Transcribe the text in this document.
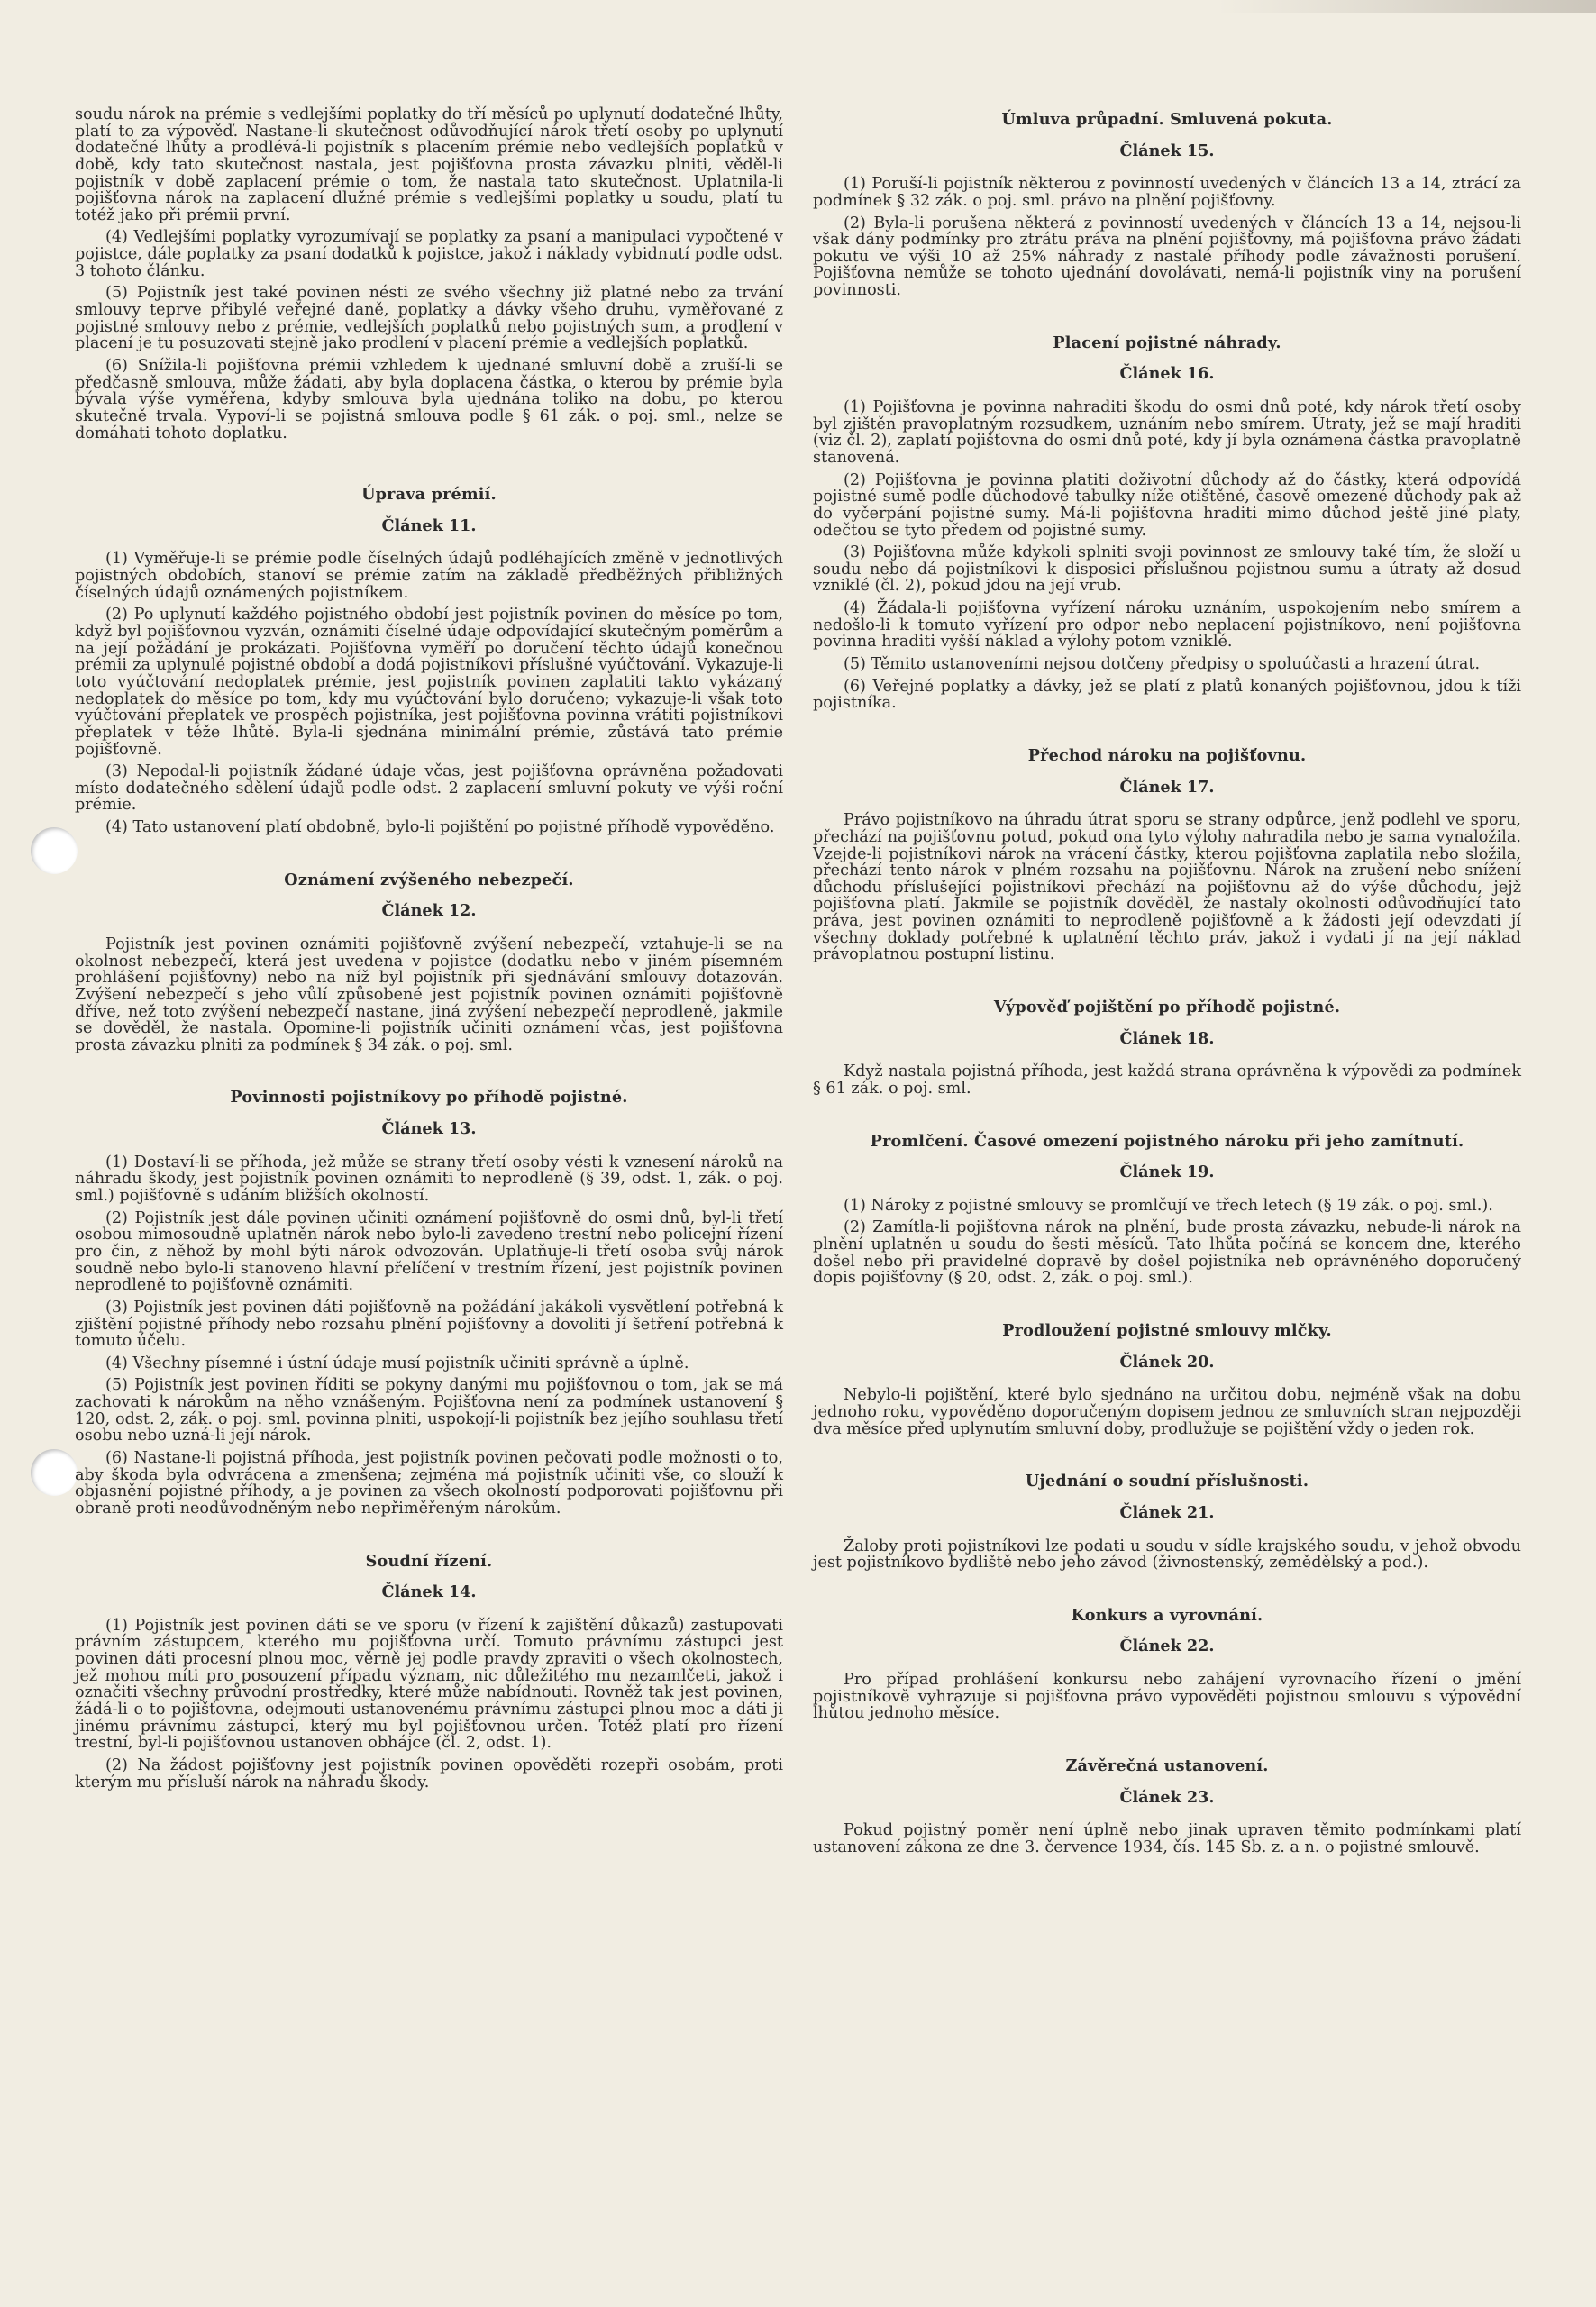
soudu nárok na prémie s vedlejšími poplatky do tří měsíců po uplynutí dodatečné lhůty, platí to za výpověď. Nastane-li skutečnost odůvodňující nárok třetí osoby po uplynutí dodatečné lhůty a prodlévá-li pojistník s placením prémie nebo vedlejších poplatků v době, kdy tato skutečnost nastala, jest pojišťovna prosta závazku plniti, věděl-li pojistník v době zaplacení prémie o tom, že nastala tato skutečnost. Uplatnila-li pojišťovna nárok na zaplacení dlužné prémie s vedlejšími poplatky u soudu, platí tu totéž jako při prémii první.

(4) Vedlejšími poplatky vyrozumívají se poplatky za psaní a manipulaci vypočtené v pojistce, dále poplatky za psaní dodatků k pojistce, jakož i náklady vybidnutí podle odst. 3 tohoto článku.

(5) Pojistník jest také povinen nésti ze svého všechny již platné nebo za trvání smlouvy teprve přibylé veřejné daně, poplatky a dávky všeho druhu, vyměřované z pojistné smlouvy nebo z prémie, vedlejších poplatků nebo pojistných sum, a prodlení v placení je tu posuzovati stejně jako prodlení v placení prémie a vedlejších poplatků.

(6) Snížila-li pojišťovna prémii vzhledem k ujednané smluvní době a zruší-li se předčasně smlouva, může žádati, aby byla doplacena částka, o kterou by prémie byla bývala výše vyměřena, kdyby smlouva byla ujednána toliko na dobu, po kterou skutečně trvala. Vypoví-li se pojistná smlouva podle § 61 zák. o poj. sml., nelze se domáhati tohoto doplatku.

Úprava prémií.
Článek 11.

(1) Vyměřuje-li se prémie podle číselných údajů podléhajících změně v jednotlivých pojistných obdobích, stanoví se prémie zatím na základě předběžných přibližných číselných údajů oznámených pojistníkem.

(2) Po uplynutí každého pojistného období jest pojistník povinen do měsíce po tom, když byl pojišťovnou vyzván, oznámiti číselné údaje odpovídající skutečným poměrům a na její požádání je prokázati. Pojišťovna vyměří po doručení těchto údajů konečnou prémii za uplynulé pojistné období a dodá pojistníkovi příslušné vyúčtování. Vykazuje-li toto vyúčtování nedoplatek prémie, jest pojistník povinen zaplatiti takto vykázaný nedoplatek do měsíce po tom, kdy mu vyúčtování bylo doručeno; vykazuje-li však toto vyúčtování přeplatek ve prospěch pojistníka, jest pojišťovna povinna vrátiti pojistníkovi přeplatek v téže lhůtě. Byla-li sjednána minimální prémie, zůstává tato prémie pojišťovně.

(3) Nepodal-li pojistník žádané údaje včas, jest pojišťovna oprávněna požadovati místo dodatečného sdělení údajů podle odst. 2 zaplacení smluvní pokuty ve výši roční prémie.

(4) Tato ustanovení platí obdobně, bylo-li pojištění po pojistné příhodě vypověděno.

Oznámení zvýšeného nebezpečí.
Článek 12.

Pojistník jest povinen oznámiti pojišťovně zvýšení nebezpečí, vztahuje-li se na okolnost nebezpečí, která jest uvedena v pojistce (dodatku nebo v jiném písemném prohlášení pojišťovny) nebo na níž byl pojistník při sjednávání smlouvy dotazován. Zvýšení nebezpečí s jeho vůlí způsobené jest pojistník povinen oznámiti pojišťovně dříve, než toto zvýšení nebezpečí nastane, jiná zvýšení nebezpečí neprodleně, jakmile se dověděl, že nastala. Opomine-li pojistník učiniti oznámení včas, jest pojišťovna prosta závazku plniti za podmínek § 34 zák. o poj. sml.

Povinnosti pojistníkovy po příhodě pojistné.
Článek 13.

(1) Dostaví-li se příhoda, jež může se strany třetí osoby vésti k vznesení nároků na náhradu škody, jest pojistník povinen oznámiti to neprodleně (§ 39, odst. 1, zák. o poj. sml.) pojišťovně s udáním bližších okolností.

(2) Pojistník jest dále povinen učiniti oznámení pojišťovně do osmi dnů, byl-li třetí osobou mimosoudně uplatněn nárok nebo bylo-li zavedeno trestní nebo policejní řízení pro čin, z něhož by mohl býti nárok odvozován. Uplatňuje-li třetí osoba svůj nárok soudně nebo bylo-li stanoveno hlavní přelíčení v trestním řízení, jest pojistník povinen neprodleně to pojišťovně oznámiti.

(3) Pojistník jest povinen dáti pojišťovně na požádání jakákoli vysvětlení potřebná k zjištění pojistné příhody nebo rozsahu plnění pojišťovny a dovoliti jí šetření potřebná k tomuto účelu.

(4) Všechny písemné i ústní údaje musí pojistník učiniti správně a úplně.

(5) Pojistník jest povinen říditi se pokyny danými mu pojišťovnou o tom, jak se má zachovati k nárokům na něho vznášeným. Pojišťovna není za podmínek ustanovení § 120, odst. 2, zák. o poj. sml. povinna plniti, uspokojí-li pojistník bez jejího souhlasu třetí osobu nebo uzná-li její nárok.

(6) Nastane-li pojistná příhoda, jest pojistník povinen pečovati podle možnosti o to, aby škoda byla odvrácena a zmenšena; zejména má pojistník učiniti vše, co slouží k objasnění pojistné příhody, a je povinen za všech okolností podporovati pojišťovnu při obraně proti neodůvodněným nebo nepřiměřeným nárokům.

Soudní řízení.
Článek 14.

(1) Pojistník jest povinen dáti se ve sporu (v řízení k zajištění důkazů) zastupovati právním zástupcem, kterého mu pojišťovna určí. Tomuto právnímu zástupci jest povinen dáti procesní plnou moc, věrně jej podle pravdy zpraviti o všech okolnostech, jež mohou míti pro posouzení případu význam, nic důležitého mu nezamlčeti, jakož i označiti všechny průvodní prostředky, které může nabídnouti. Rovněž tak jest povinen, žádá-li o to pojišťovna, odejmouti ustanovenému právnímu zástupci plnou moc a dáti ji jinému právnímu zástupci, který mu byl pojišťovnou určen. Totéž platí pro řízení trestní, byl-li pojišťovnou ustanoven obhájce (čl. 2, odst. 1).

(2) Na žádost pojišťovny jest pojistník povinen opověděti rozepři osobám, proti kterým mu přísluší nárok na náhradu škody.

Úmluva průpadní. Smluvená pokuta.
Článek 15.

(1) Poruší-li pojistník některou z povinností uvedených v článcích 13 a 14, ztrácí za podmínek § 32 zák. o poj. sml. právo na plnění pojišťovny.

(2) Byla-li porušena některá z povinností uvedených v článcích 13 a 14, nejsou-li však dány podmínky pro ztrátu práva na plnění pojišťovny, má pojišťovna právo žádati pokutu ve výši 10 až 25% náhrady z nastalé příhody podle závažnosti porušení. Pojišťovna nemůže se tohoto ujednání dovolávati, nemá-li pojistník viny na porušení povinnosti.

Placení pojistné náhrady.
Článek 16.

(1) Pojišťovna je povinna nahraditi škodu do osmi dnů poté, kdy nárok třetí osoby byl zjištěn pravoplatným rozsudkem, uznáním nebo smírem. Útraty, jež se mají hraditi (viz čl. 2), zaplatí pojišťovna do osmi dnů poté, kdy jí byla oznámena částka pravoplatně stanovená.

(2) Pojišťovna je povinna platiti doživotní důchody až do částky, která odpovídá pojistné sumě podle důchodové tabulky níže otištěné, časově omezené důchody pak až do vyčerpání pojistné sumy. Má-li pojišťovna hraditi mimo důchod ještě jiné platy, odečtou se tyto předem od pojistné sumy.

(3) Pojišťovna může kdykoli splniti svoji povinnost ze smlouvy také tím, že složí u soudu nebo dá pojistníkovi k disposici příslušnou pojistnou sumu a útraty až dosud vzniklé (čl. 2), pokud jdou na její vrub.

(4) Žádala-li pojišťovna vyřízení nároku uznáním, uspokojením nebo smírem a nedošlo-li k tomuto vyřízení pro odpor nebo neplacení pojistníkovo, není pojišťovna povinna hraditi vyšší náklad a výlohy potom vzniklé.

(5) Těmito ustanoveními nejsou dotčeny předpisy o spoluúčasti a hrazení útrat.

(6) Veřejné poplatky a dávky, jež se platí z platů konaných pojišťovnou, jdou k tíži pojistníka.

Přechod nároku na pojišťovnu.
Článek 17.

Právo pojistníkovo na úhradu útrat sporu se strany odpůrce, jenž podlehl ve sporu, přechází na pojišťovnu potud, pokud ona tyto výlohy nahradila nebo je sama vynaložila. Vzejde-li pojistníkovi nárok na vrácení částky, kterou pojišťovna zaplatila nebo složila, přechází tento nárok v plném rozsahu na pojišťovnu. Nárok na zrušení nebo snížení důchodu příslušející pojistníkovi přechází na pojišťovnu až do výše důchodu, jejž pojišťovna platí. Jakmile se pojistník dověděl, že nastaly okolnosti odůvodňující tato práva, jest povinen oznámiti to neprodleně pojišťovně a k žádosti její odevzdati jí všechny doklady potřebné k uplatnění těchto práv, jakož i vydati jí na její náklad právoplatnou postupní listinu.

Výpověď pojištění po příhodě pojistné.
Článek 18.

Když nastala pojistná příhoda, jest každá strana oprávněna k výpovědi za podmínek § 61 zák. o poj. sml.

Promlčení. Časové omezení pojistného nároku při jeho zamítnutí.
Článek 19.

(1) Nároky z pojistné smlouvy se promlčují ve třech letech (§ 19 zák. o poj. sml.).

(2) Zamítla-li pojišťovna nárok na plnění, bude prosta závazku, nebude-li nárok na plnění uplatněn u soudu do šesti měsíců. Tato lhůta počíná se koncem dne, kterého došel nebo při pravidelné dopravě by došel pojistníka neb oprávněného doporučený dopis pojišťovny (§ 20, odst. 2, zák. o poj. sml.).

Prodloužení pojistné smlouvy mlčky.
Článek 20.

Nebylo-li pojištění, které bylo sjednáno na určitou dobu, nejméně však na dobu jednoho roku, vypověděno doporučeným dopisem jednou ze smluvních stran nejpozději dva měsíce před uplynutím smluvní doby, prodlužuje se pojištění vždy o jeden rok.

Ujednání o soudní příslušnosti.
Článek 21.

Žaloby proti pojistníkovi lze podati u soudu v sídle krajského soudu, v jehož obvodu jest pojistníkovo bydliště nebo jeho závod (živnostenský, zemědělský a pod.).

Konkurs a vyrovnání.
Článek 22.

Pro případ prohlášení konkursu nebo zahájení vyrovnacího řízení o jmění pojistníkově vyhrazuje si pojišťovna právo vypověděti pojistnou smlouvu s výpovědní lhůtou jednoho měsíce.

Závěrečná ustanovení.
Článek 23.

Pokud pojistný poměr není úplně nebo jinak upraven těmito podmínkami platí ustanovení zákona ze dne 3. července 1934, čís. 145 Sb. z. a n. o pojistné smlouvě.
